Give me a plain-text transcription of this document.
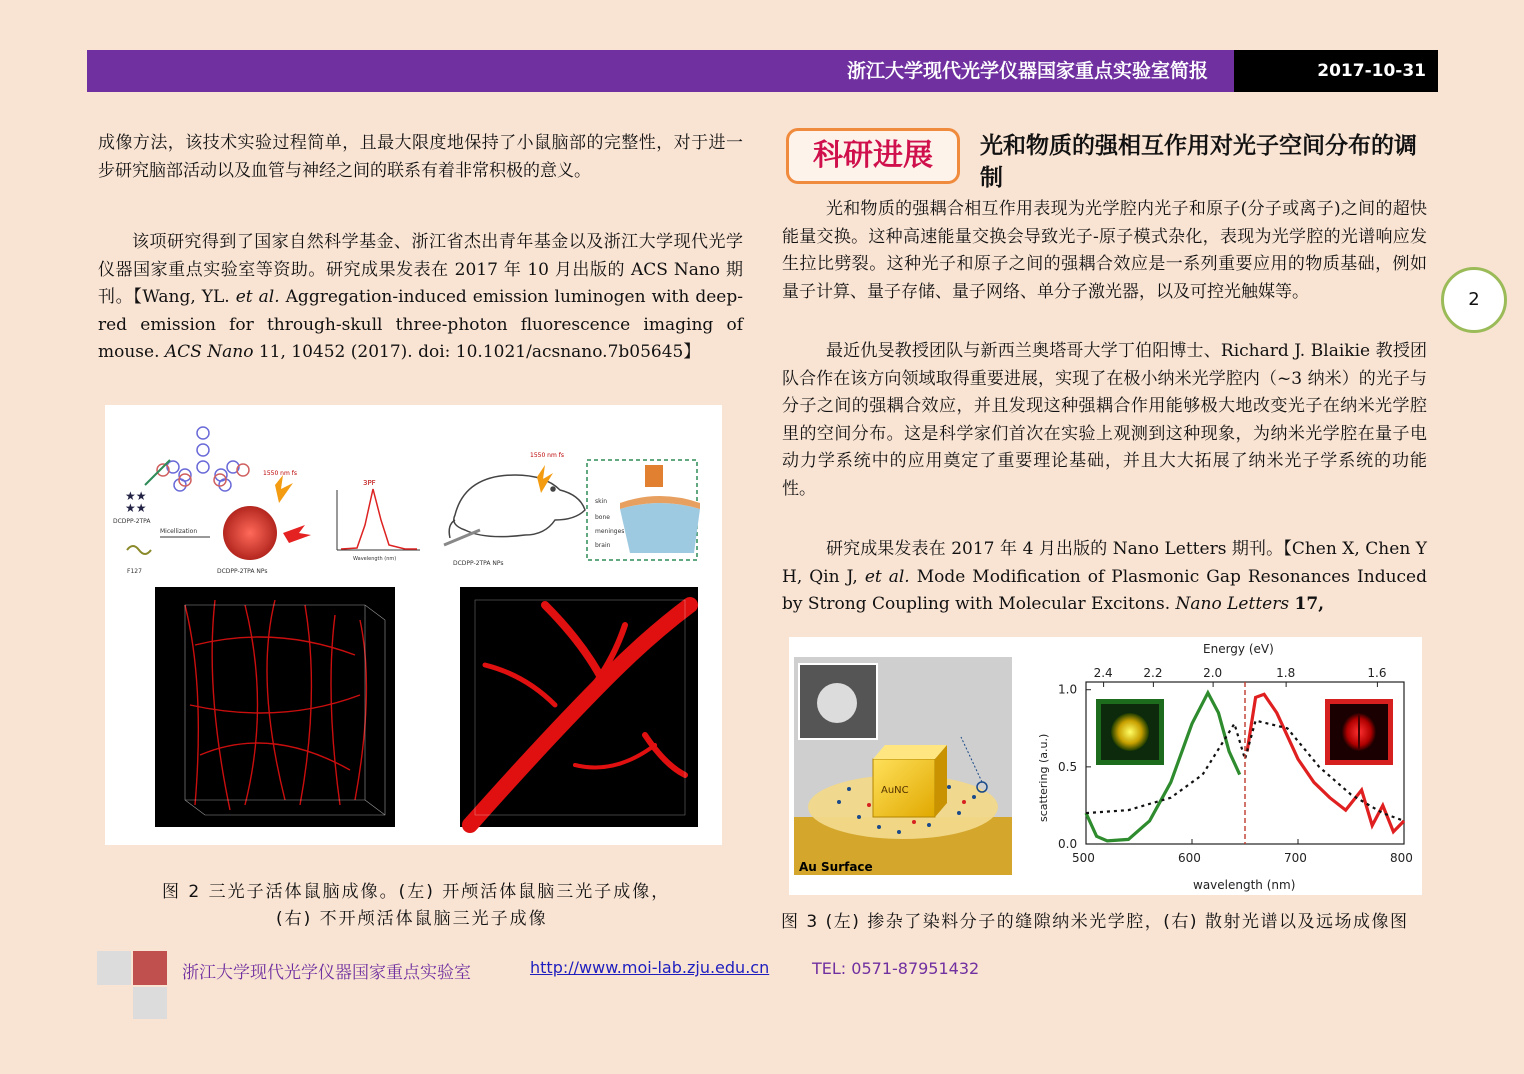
浙江大学现代光学仪器国家重点实验室简报	2017-10-31

成像方法，该技术实验过程简单，且最大限度地保持了小鼠脑部的完整性，对于进一步研究脑部活动以及血管与神经之间的联系有着非常积极的意义。

该项研究得到了国家自然科学基金、浙江省杰出青年基金以及浙江大学现代光学仪器国家重点实验室等资助。研究成果发表在 2017 年 10 月出版的 ACS Nano 期刊。【Wang, YL. et al. Aggregation-induced emission luminogen with deep-red emission for through-skull three-photon fluorescence imaging of mouse. ACS Nano 11, 10452 (2017). doi: 10.1021/acsnano.7b05645】

★★
★★
DCDPP-2TPA
Micellization
F127
1550 nm fs
DCDPP-2TPA NPs
3PF
Wavelength (nm)
DCDPP-2TPA NPs
1550 nm fs
skin
bone
meninges
brain
图 2 三光子活体鼠脑成像。(左) 开颅活体鼠脑三光子成像，
(右) 不开颅活体鼠脑三光子成像
科研进展	光和物质的强相互作用对光子空间分布的调制
2

光和物质的强耦合相互作用表现为光学腔内光子和原子(分子或离子)之间的超快能量交换。这种高速能量交换会导致光子-原子模式杂化，表现为光学腔的光谱响应发生拉比劈裂。这种光子和原子之间的强耦合效应是一系列重要应用的物质基础，例如量子计算、量子存储、量子网络、单分子激光器，以及可控光触媒等。

最近仇旻教授团队与新西兰奥塔哥大学丁伯阳博士、Richard J. Blaikie 教授团队合作在该方向领域取得重要进展，实现了在极小纳米光学腔内（~3 纳米）的光子与分子之间的强耦合效应，并且发现这种强耦合作用能够极大地改变光子在纳米光学腔里的空间分布。这是科学家们首次在实验上观测到这种现象，为纳米光学腔在量子电动力学系统中的应用奠定了重要理论基础，并且大大拓展了纳米光子学系统的功能性。

研究成果发表在 2017 年 4 月出版的 Nano Letters 期刊。【Chen X, Chen Y H, Qin J, et al. Mode Modification of Plasmonic Gap Resonances Induced by Strong Coupling with Molecular Excitons. Nano Letters 17,

AuNC
Au Surface
Energy (eV)
2.4	2.2	2.0	1.8	1.6
scattering (a.u.)
1.0
0.5
0.0
500	600	700	800
wavelength (nm)
图 3 (左) 掺杂了染料分子的缝隙纳米光学腔，(右) 散射光谱以及远场成像图
浙江大学现代光学仪器国家重点实验室	http://www.moi-lab.zju.edu.cn	TEL: 0571-87951432
